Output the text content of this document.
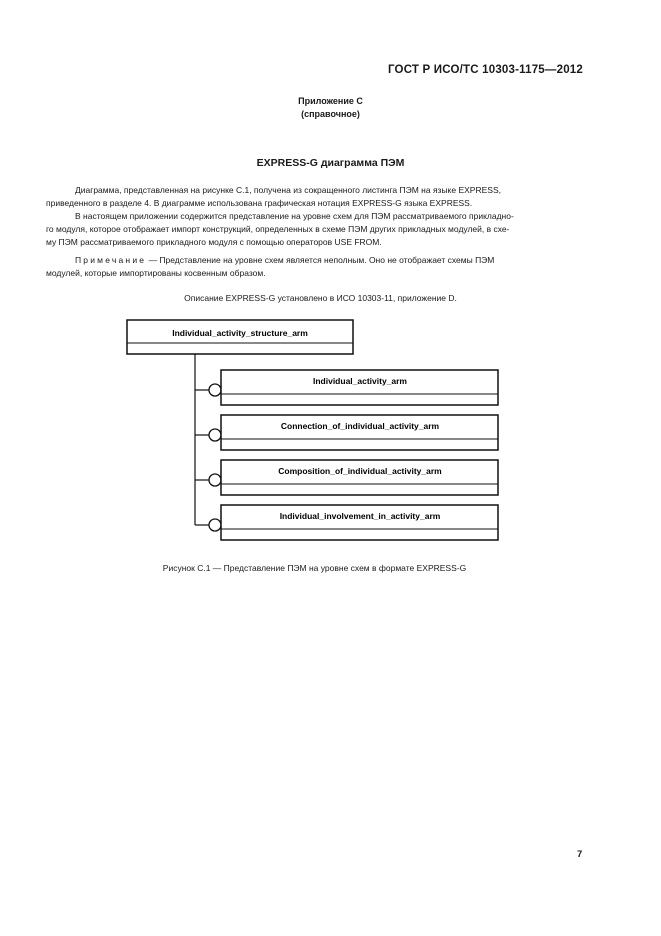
ГОСТ Р ИСО/ТС 10303-1175—2012
Приложение С
(справочное)
EXPRESS-G диаграмма ПЭМ
Диаграмма, представленная на рисунке С.1, получена из сокращенного листинга ПЭМ на языке EXPRESS,
приведенного в разделе 4. В диаграмме использована графическая нотация EXPRESS-G языка EXPRESS.
В настоящем приложении содержится представление на уровне схем для ПЭМ рассматриваемого прикладно-
го модуля, которое отображает импорт конструкций, определенных в схеме ПЭМ других прикладных модулей, в схе-
му ПЭМ рассматриваемого прикладного модуля с помощью операторов USE FROM.
Примечание — Представление на уровне схем является неполным. Оно не отображает схемы ПЭМ
модулей, которые импортированы косвенным образом.
Описание EXPRESS-G установлено в ИСО 10303-11, приложение D.
Individual_activity_structure_arm
Individual_activity_arm
Connection_of_individual_activity_arm
Composition_of_individual_activity_arm
Individual_involvement_in_activity_arm
Рисунок С.1 — Представление ПЭМ на уровне схем в формате EXPRESS-G
7
